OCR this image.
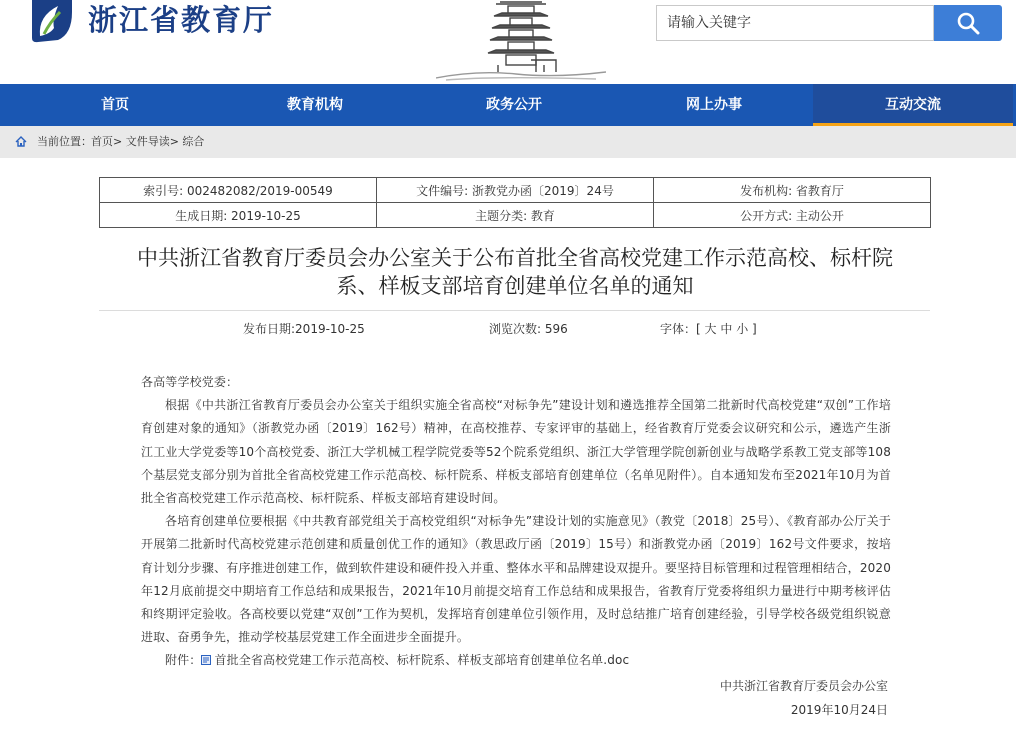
浙江省教育厅
请输入关键字
首页	教育机构	政务公开	网上办事	互动交流
当前位置： 首页> 文件导读> 综合
索引号: 002482082/2019-00549	文件编号: 浙教党办函〔2019〕24号	发布机构: 省教育厅
生成日期: 2019-10-25	主题分类: 教育	公开方式: 主动公开
中共浙江省教育厅委员会办公室关于公布首批全省高校党建工作示范高校、标杆院
系、样板支部培育创建单位名单的通知
发布日期:2019-10-25	浏览次数: 596	字体：[ 大 中 小 ]

各高等学校党委：

根据《中共浙江省教育厅委员会办公室关于组织实施全省高校“对标争先”建设计划和遴选推荐全国第二批新时代高校党建“双创”工作培育创建对象的通知》（浙教党办函〔2019〕162号）精神，在高校推荐、专家评审的基础上，经省教育厅党委会议研究和公示，遴选产生浙江工业大学党委等10个高校党委、浙江大学机械工程学院党委等52个院系党组织、浙江大学管理学院创新创业与战略学系教工党支部等108个基层党支部分别为首批全省高校党建工作示范高校、标杆院系、样板支部培育创建单位（名单见附件）。自本通知发布至2021年10月为首批全省高校党建工作示范高校、标杆院系、样板支部培育建设时间。

各培育创建单位要根据《中共教育部党组关于高校党组织“对标争先”建设计划的实施意见》（教党〔2018〕25号）、《教育部办公厅关于开展第二批新时代高校党建示范创建和质量创优工作的通知》（教思政厅函〔2019〕15号）和浙教党办函〔2019〕162号文件要求，按培育计划分步骤、有序推进创建工作，做到软件建设和硬件投入并重、整体水平和品牌建设双提升。要坚持目标管理和过程管理相结合，2020年12月底前提交中期培育工作总结和成果报告，2021年10月前提交培育工作总结和成果报告，省教育厅党委将组织力量进行中期考核评估和终期评定验收。各高校要以党建“双创”工作为契机，发挥培育创建单位引领作用，及时总结推广培育创建经验，引导学校各级党组织锐意进取、奋勇争先，推动学校基层党建工作全面进步全面提升。

附件： 首批全省高校党建工作示范高校、标杆院系、样板支部培育创建单位名单.doc

中共浙江省教育厅委员会办公室
2019年10月24日
